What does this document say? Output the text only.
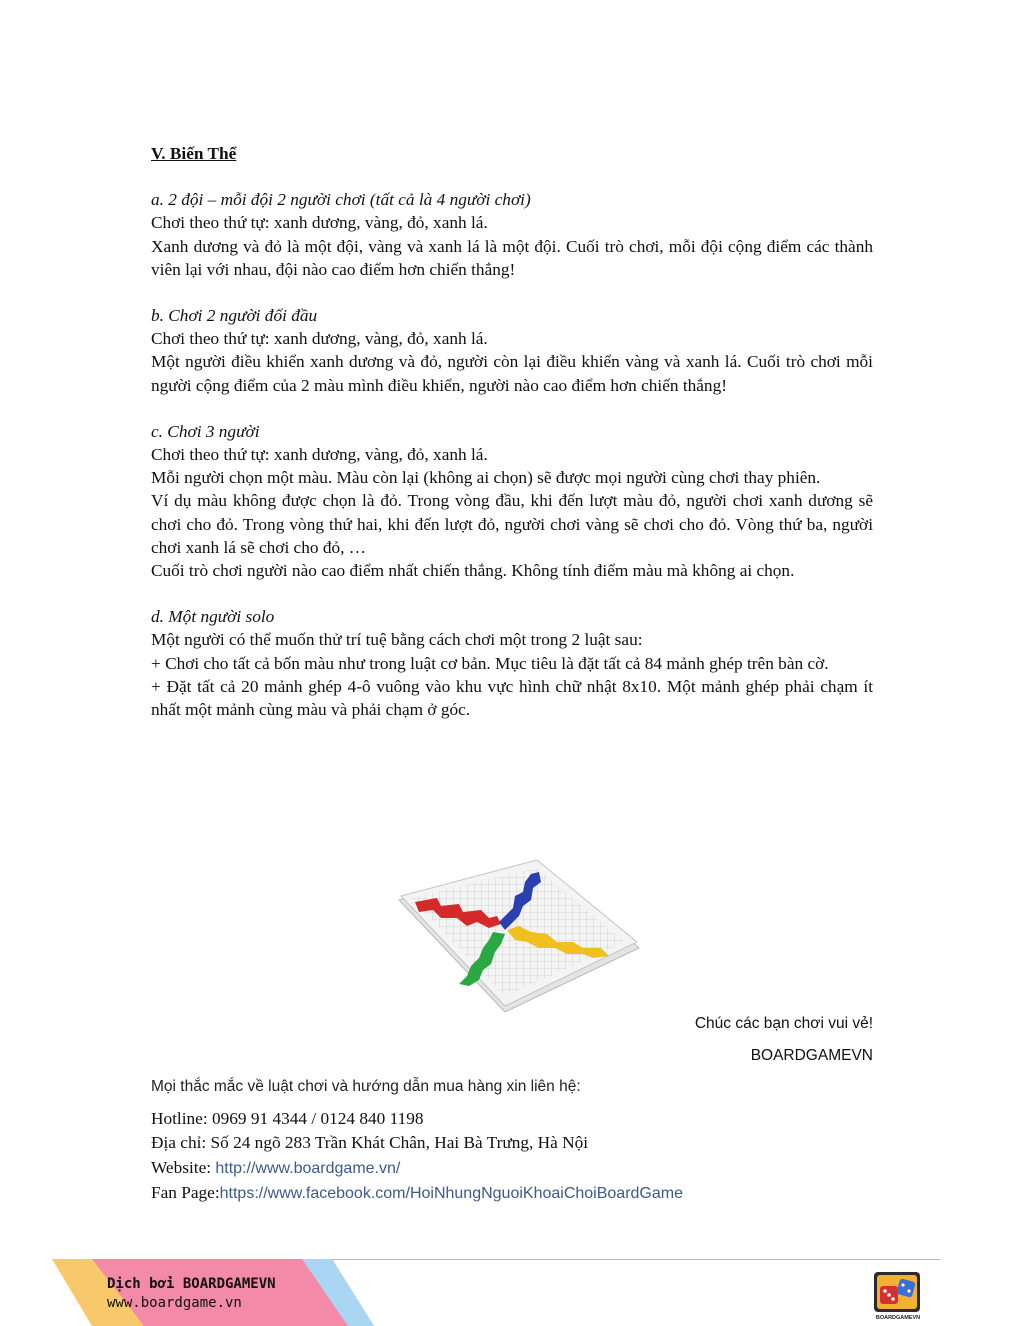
V. Biến Thể

a. 2 đội – mỗi đội 2 người chơi (tất cả là 4 người chơi)

Chơi theo thứ tự: xanh dương, vàng, đỏ, xanh lá.

Xanh dương và đỏ là một đội, vàng và xanh lá là một đội. Cuối trò chơi, mỗi đội cộng điểm các thành viên lại với nhau, đội nào cao điểm hơn chiến thắng!

b. Chơi 2 người đối đầu

Chơi theo thứ tự: xanh dương, vàng, đỏ, xanh lá.

Một người điều khiển xanh dương và đỏ, người còn lại điều khiển vàng và xanh lá. Cuối trò chơi mỗi người cộng điểm của 2 màu mình điều khiển, người nào cao điểm hơn chiến thắng!

c. Chơi 3 người

Chơi theo thứ tự: xanh dương, vàng, đỏ, xanh lá.

Mỗi người chọn một màu. Màu còn lại (không ai chọn) sẽ được mọi người cùng chơi thay phiên.

Ví dụ màu không được chọn là đỏ. Trong vòng đầu, khi đến lượt màu đỏ, người chơi xanh dương sẽ chơi cho đỏ. Trong vòng thứ hai, khi đến lượt đỏ, người chơi vàng sẽ chơi cho đỏ. Vòng thứ ba, người chơi xanh lá sẽ chơi cho đỏ, …

Cuối trò chơi người nào cao điểm nhất chiến thắng. Không tính điểm màu mà không ai chọn.

d. Một người solo

Một người có thể muốn thử trí tuệ bằng cách chơi một trong 2 luật sau:

+ Chơi cho tất cả bốn màu như trong luật cơ bản. Mục tiêu là đặt tất cả 84 mảnh ghép trên bàn cờ.

+ Đặt tất cả 20 mảnh ghép 4-ô vuông vào khu vực hình chữ nhật 8x10. Một mảnh ghép phải chạm ít nhất một mảnh cùng màu và phải chạm ở góc.

Chúc các bạn chơi vui vẻ!
BOARDGAMEVN
Mọi thắc mắc về luật chơi và hướng dẫn mua hàng xin liên hệ:
Hotline: 0969 91 4344 / 0124 840 1198
Địa chỉ: Số 24 ngõ 283 Trần Khát Chân, Hai Bà Trưng, Hà Nội
Website: http://www.boardgame.vn/
Fan Page:https://www.facebook.com/HoiNhungNguoiKhoaiChoiBoardGame
Dịch bởi BOARDGAMEVN
www.boardgame.vn
BOARDGAMEVN
